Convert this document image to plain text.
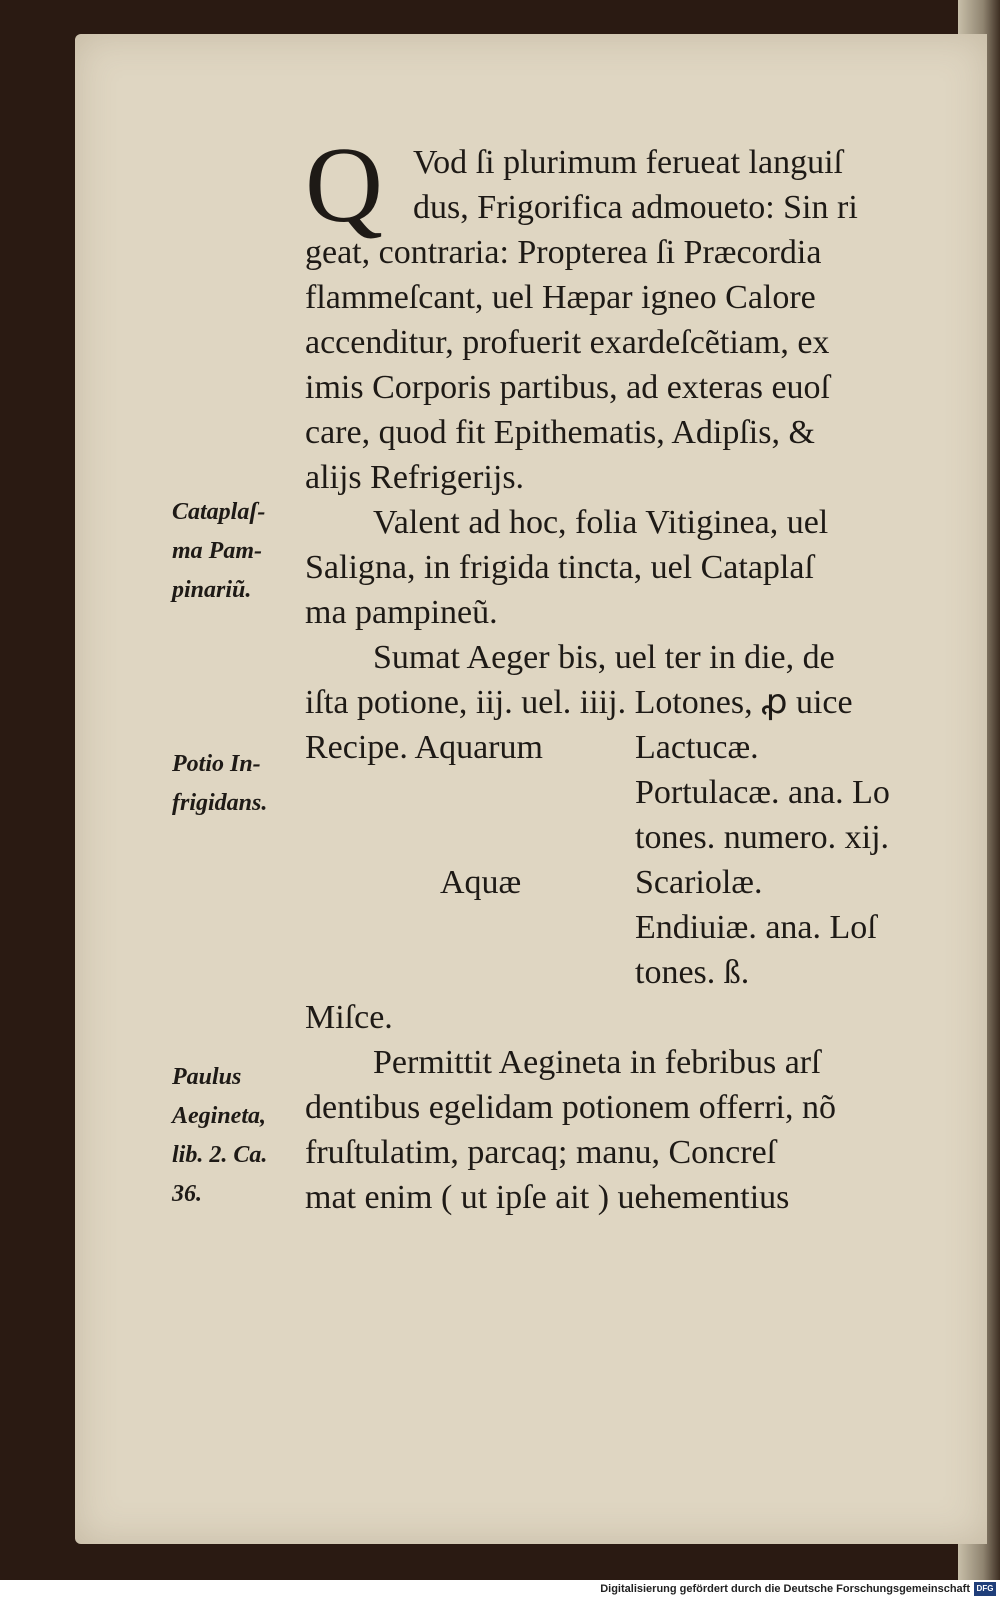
Q Vod ſi plurimum ferueat languiſ
dus, Frigorifica admoueto: Sin ri
geat, contraria: Propterea ſi Præcordia
flammeſcant, uel Hæpar igneo Calore
accenditur, profuerit exardeſcẽtiam, ex
imis Corporis partibus, ad exteras euoſ
care, quod fit Epithematis, Adipſis, &
alijs Refrigerijs.
Valent ad hoc, folia Vitiginea, uel
Saligna, in frigida tincta, uel Cataplaſ
ma pampineũ.
Sumat Aeger bis, uel ter in die, de
iſta potione, iij. uel. iiij. Lotones, ꝓ uice
Recipe. Aquarum	Lactucæ.
Portulacæ. ana. Lo
tones. numero. xij.
Aquæ	Scariolæ.
Endiuiæ. ana. Loſ
tones. ß.
Miſce.
Permittit Aegineta in febribus arſ
dentibus egelidam potionem offerri, nõ
fruſtulatim, parcaq; manu, Concreſ
mat enim ( ut ipſe ait ) uehementius
Cataplaſ-
ma Pam-
pinariũ.
Potio In-
frigidans.
Paulus
Aegineta,
lib. 2. Ca.
36.
Digitalisierung gefördert durch die Deutsche Forschungsgemeinschaft DFG
